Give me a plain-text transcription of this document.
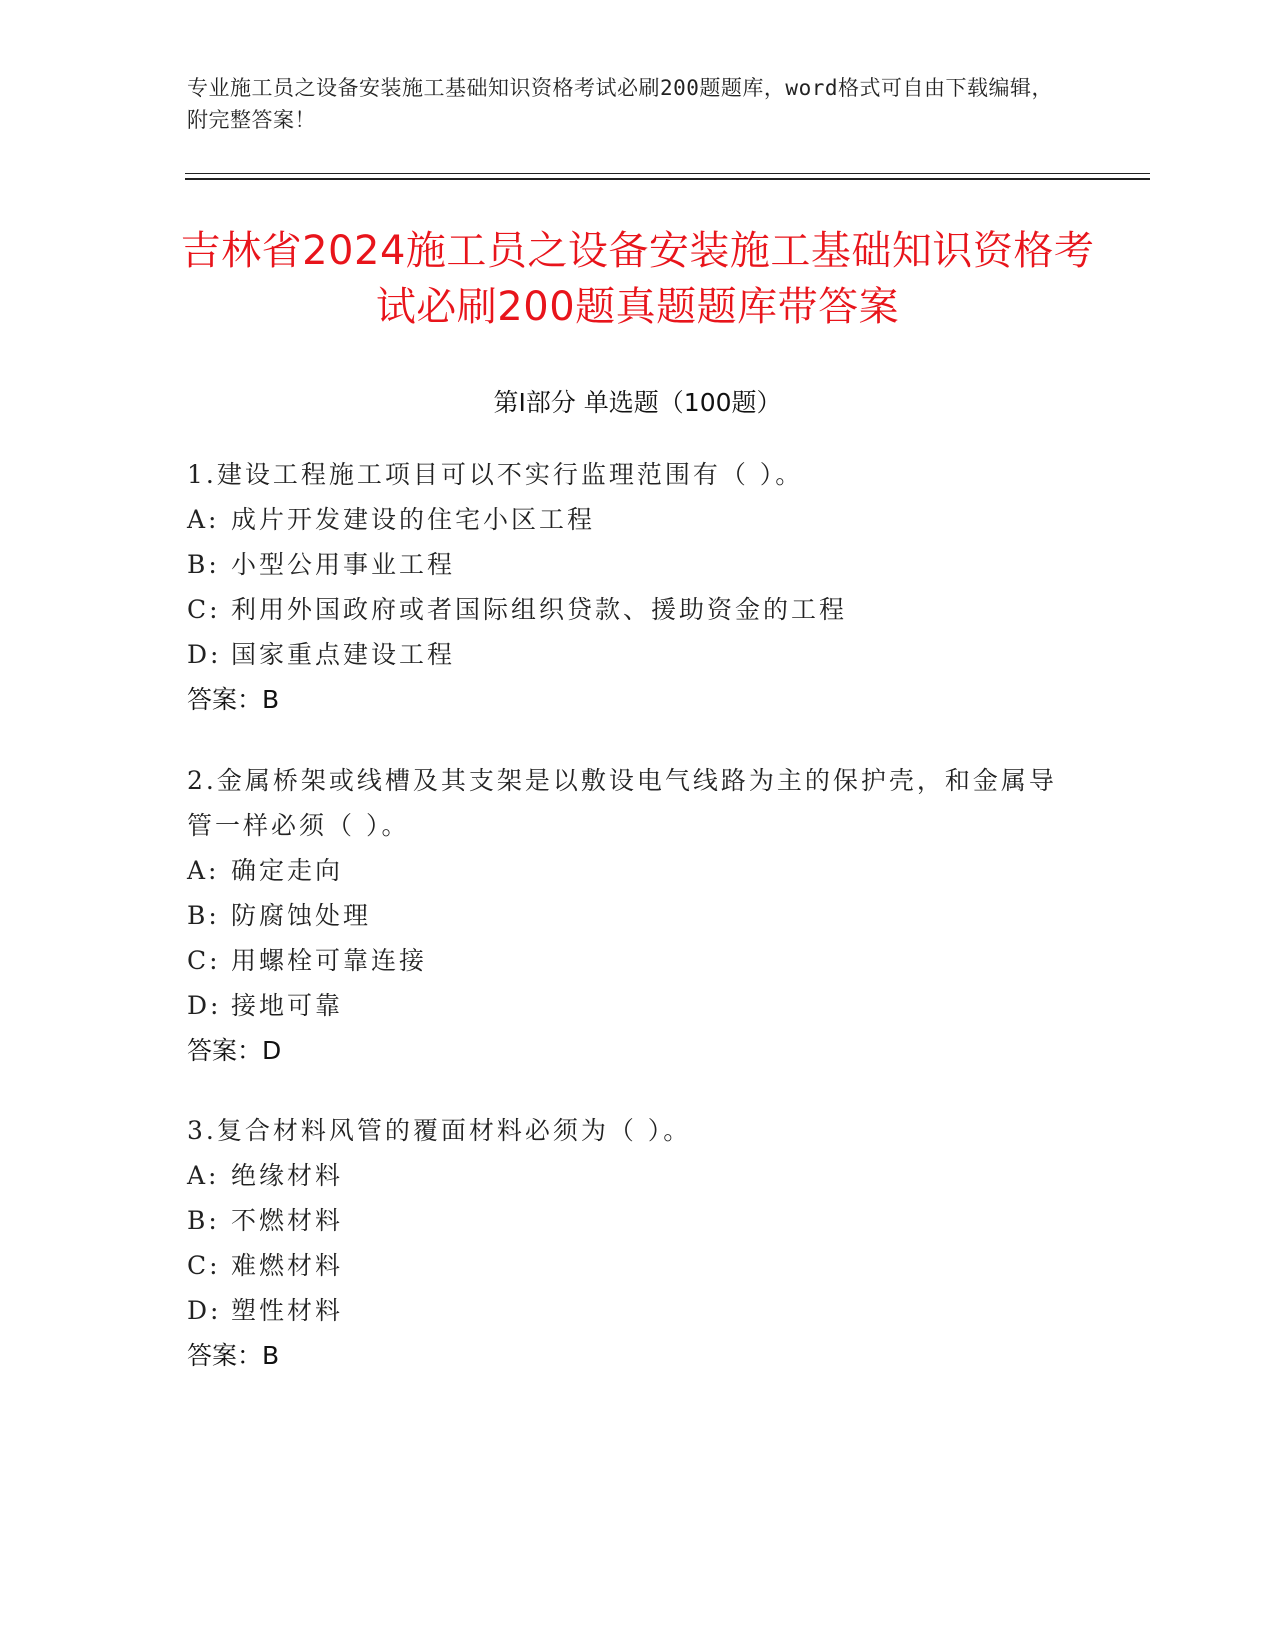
专业施工员之设备安装施工基础知识资格考试必刷200题题库，word格式可自由下载编辑，附完整答案！
吉林省2024施工员之设备安装施工基础知识资格考试必刷200题真题题库带答案
第I部分 单选题（100题）
1.建设工程施工项目可以不实行监理范围有（ ）。
A: 成片开发建设的住宅小区工程
B: 小型公用事业工程
C: 利用外国政府或者国际组织贷款、援助资金的工程
D: 国家重点建设工程
答案：B
2.金属桥架或线槽及其支架是以敷设电气线路为主的保护壳，和金属导管一样必须（ ）。
A: 确定走向
B: 防腐蚀处理
C: 用螺栓可靠连接
D: 接地可靠
答案：D
3.复合材料风管的覆面材料必须为（ ）。
A: 绝缘材料
B: 不燃材料
C: 难燃材料
D: 塑性材料
答案：B
